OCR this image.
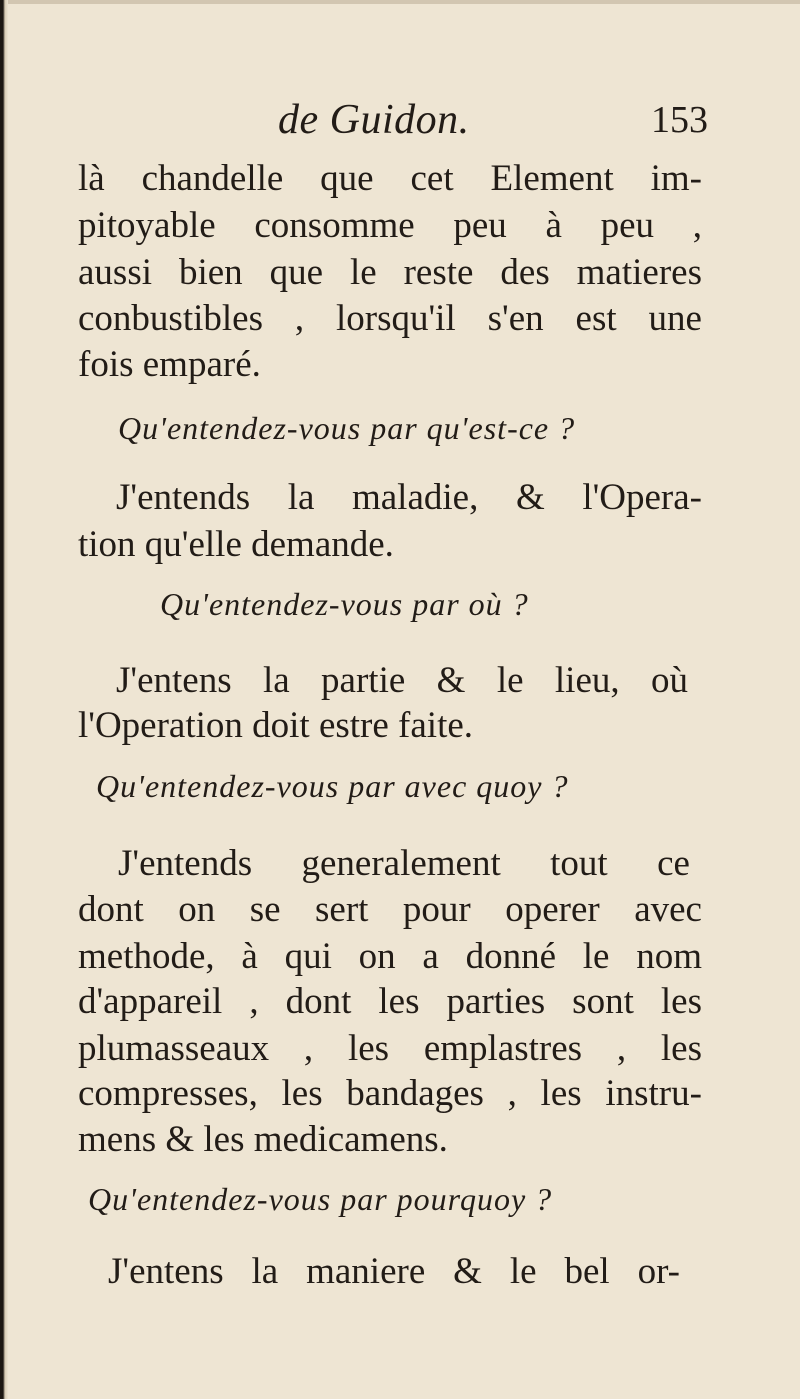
de Guidon.	153
là chandelle que cet Element im-
pitoyable consomme peu à peu ,
aussi bien que le reste des matieres
conbustibles , lorsqu'il s'en est une
fois emparé.
Qu'entendez-vous par qu'est-ce ?
J'entends la maladie, & l'Opera-
tion qu'elle demande.
Qu'entendez-vous par où ?
J'entens la partie & le lieu, où
l'Operation doit estre faite.
Qu'entendez-vous par avec quoy ?
J'entends generalement tout ce
dont on se sert pour operer avec
methode, à qui on a donné le nom
d'appareil , dont les parties sont les
plumasseaux , les emplastres , les
compresses, les bandages , les instru-
mens & les medicamens.
Qu'entendez-vous par pourquoy ?
J'entens la maniere & le bel or-
